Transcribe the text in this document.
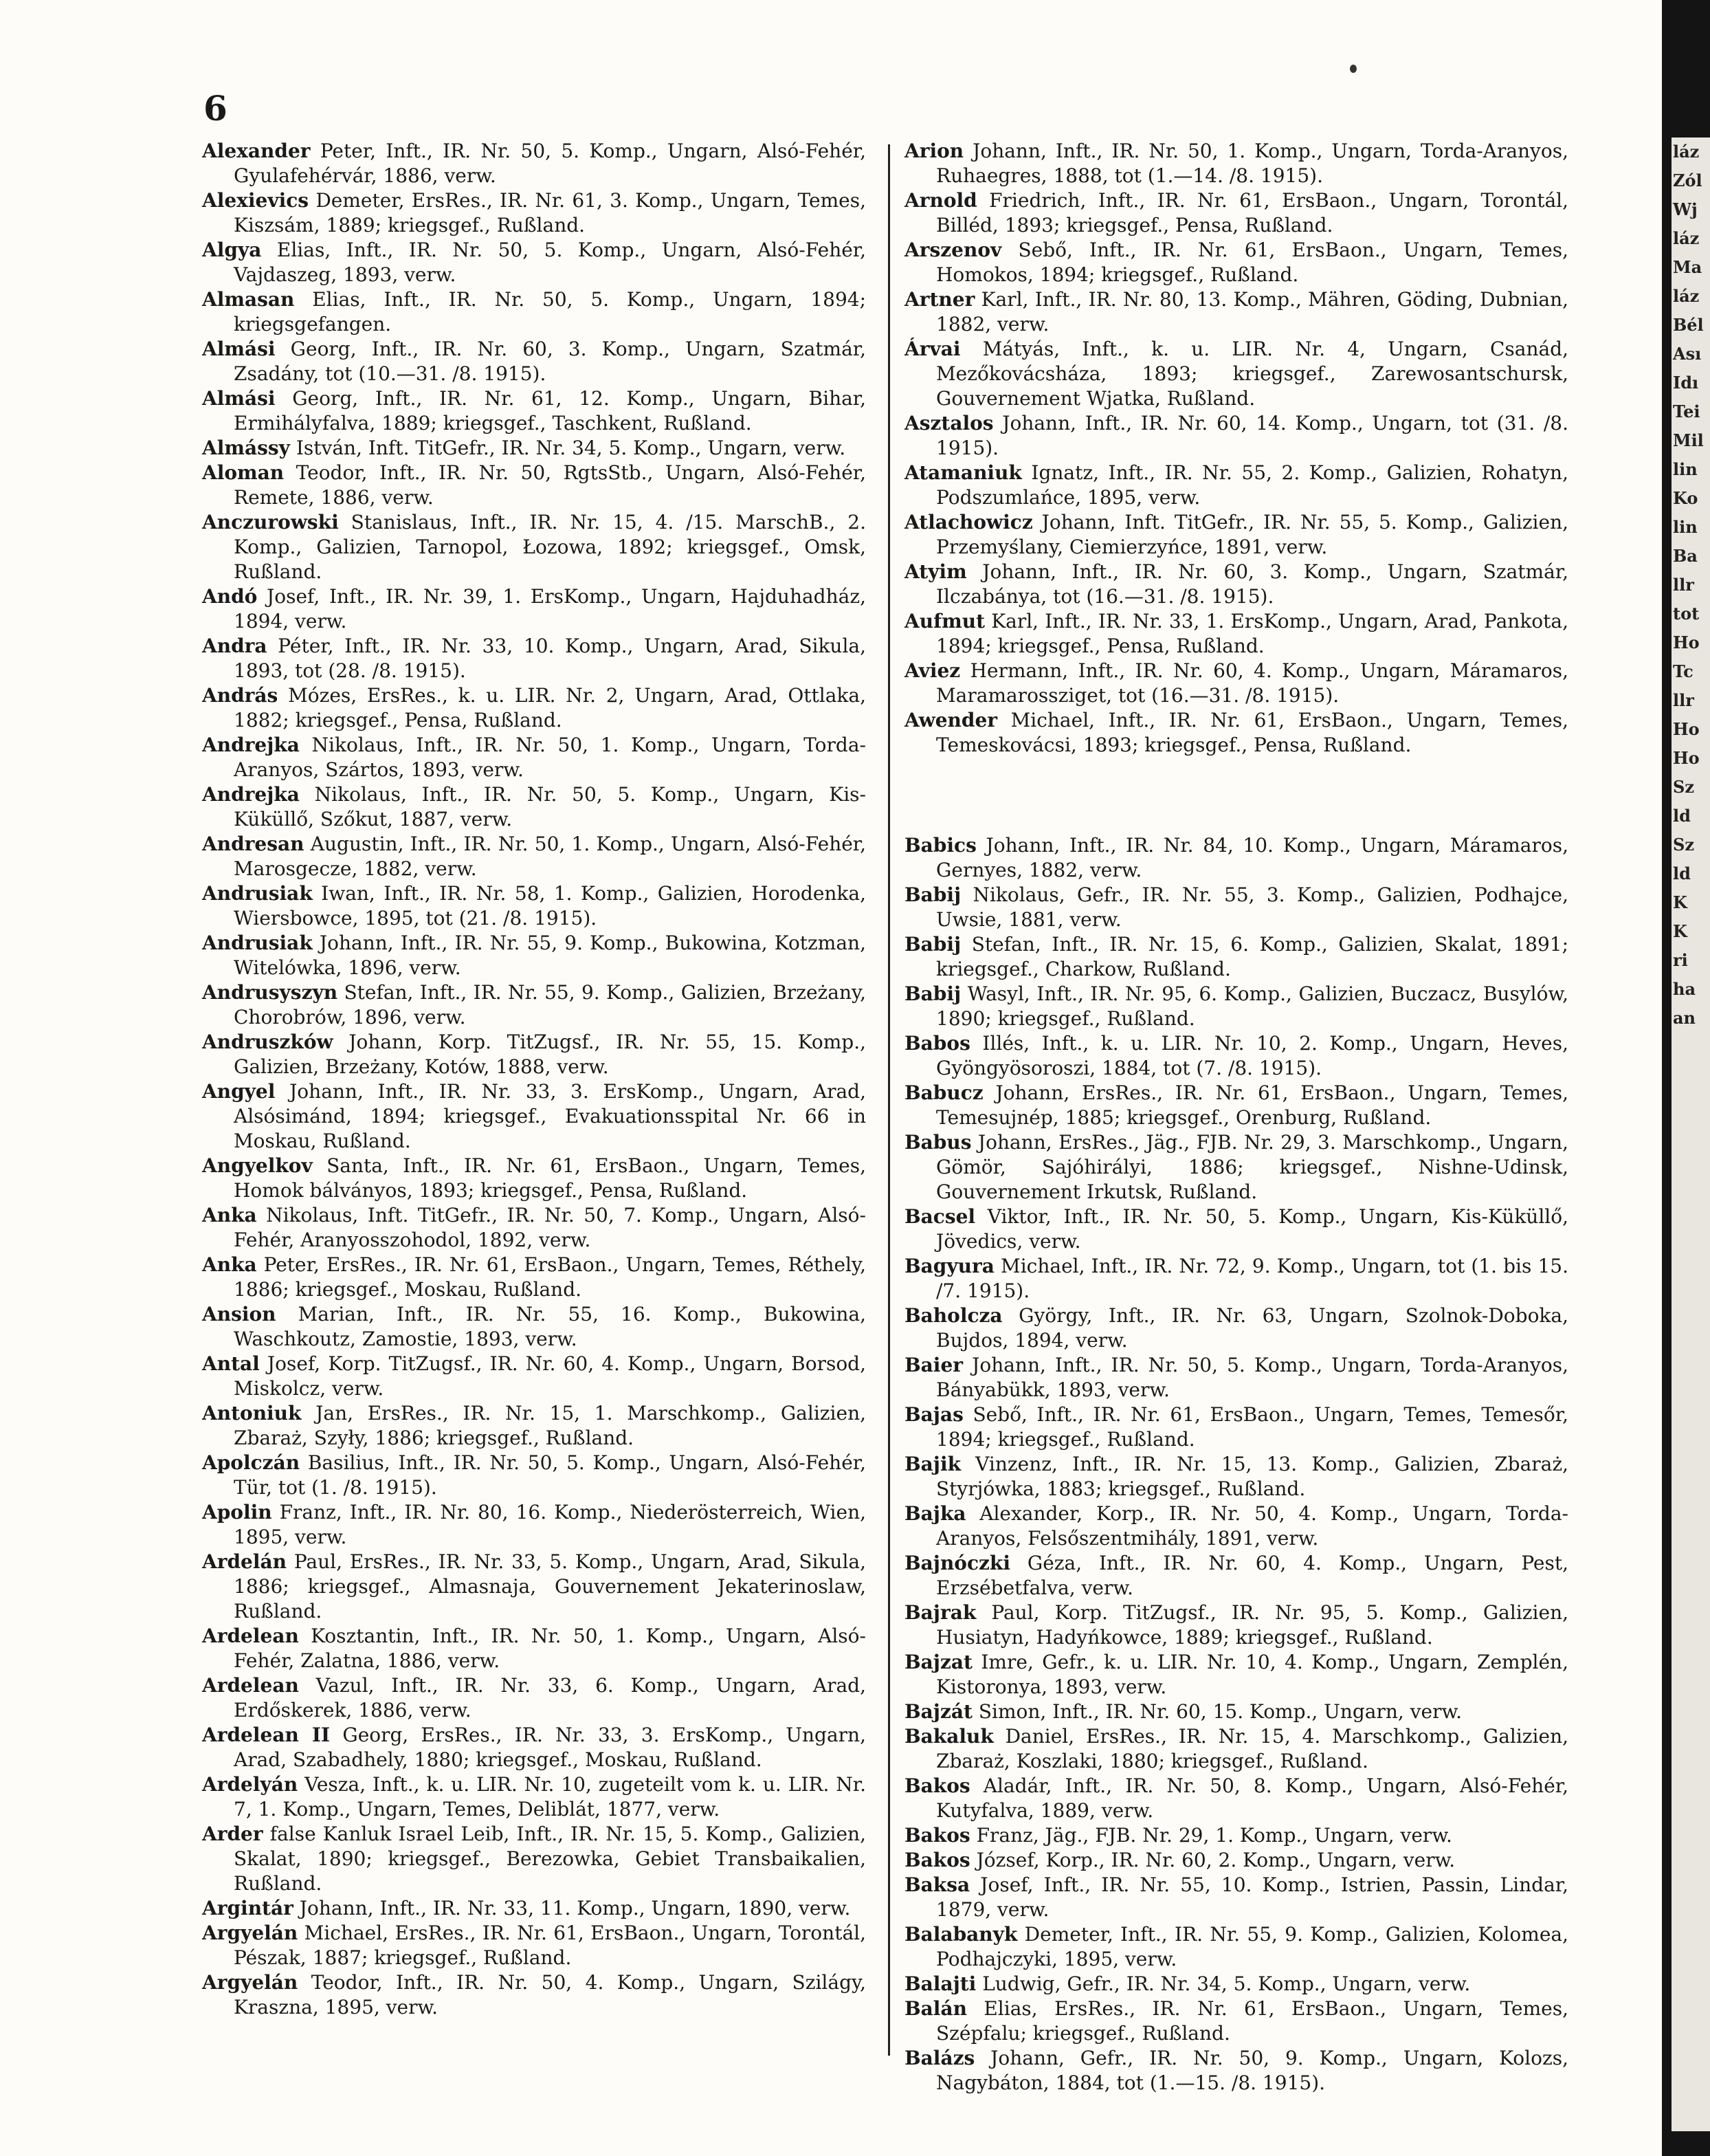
6

Alexander Peter, Inft., IR. Nr. 50, 5. Komp., Ungarn, Alsó-Fehér, Gyulafehérvár, 1886, verw.

Alexievics Demeter, ErsRes., IR. Nr. 61, 3. Komp., Ungarn, Temes, Kiszsám, 1889; kriegsgef., Rußland.

Algya Elias, Inft., IR. Nr. 50, 5. Komp., Ungarn, Alsó-Fehér, Vajdaszeg, 1893, verw.

Almasan Elias, Inft., IR. Nr. 50, 5. Komp., Ungarn, 1894; kriegsgefangen.

Almási Georg, Inft., IR. Nr. 60, 3. Komp., Ungarn, Szatmár, Zsadány, tot (10.—31. /8. 1915).

Almási Georg, Inft., IR. Nr. 61, 12. Komp., Ungarn, Bihar, Ermihályfalva, 1889; kriegsgef., Taschkent, Rußland.

Almássy István, Inft. TitGefr., IR. Nr. 34, 5. Komp., Ungarn, verw.

Aloman Teodor, Inft., IR. Nr. 50, RgtsStb., Ungarn, Alsó-Fehér, Remete, 1886, verw.

Anczurowski Stanislaus, Inft., IR. Nr. 15, 4. /15. MarschB., 2. Komp., Galizien, Tarnopol, Łozowa, 1892; kriegsgef., Omsk, Rußland.

Andó Josef, Inft., IR. Nr. 39, 1. ErsKomp., Ungarn, Hajduhadház, 1894, verw.

Andra Péter, Inft., IR. Nr. 33, 10. Komp., Ungarn, Arad, Sikula, 1893, tot (28. /8. 1915).

András Mózes, ErsRes., k. u. LIR. Nr. 2, Ungarn, Arad, Ottlaka, 1882; kriegsgef., Pensa, Rußland.

Andrejka Nikolaus, Inft., IR. Nr. 50, 1. Komp., Ungarn, Torda-Aranyos, Szártos, 1893, verw.

Andrejka Nikolaus, Inft., IR. Nr. 50, 5. Komp., Ungarn, Kis-Küküllő, Szőkut, 1887, verw.

Andresan Augustin, Inft., IR. Nr. 50, 1. Komp., Ungarn, Alsó-Fehér, Marosgecze, 1882, verw.

Andrusiak Iwan, Inft., IR. Nr. 58, 1. Komp., Galizien, Horodenka, Wiersbowce, 1895, tot (21. /8. 1915).

Andrusiak Johann, Inft., IR. Nr. 55, 9. Komp., Bukowina, Kotzman, Witelówka, 1896, verw.

Andrusyszyn Stefan, Inft., IR. Nr. 55, 9. Komp., Galizien, Brzeżany, Chorobrów, 1896, verw.

Andruszków Johann, Korp. TitZugsf., IR. Nr. 55, 15. Komp., Galizien, Brzeżany, Kotów, 1888, verw.

Angyel Johann, Inft., IR. Nr. 33, 3. ErsKomp., Ungarn, Arad, Alsósimánd, 1894; kriegsgef., Evakuationsspital Nr. 66 in Moskau, Rußland.

Angyelkov Santa, Inft., IR. Nr. 61, ErsBaon., Ungarn, Temes, Homok bálványos, 1893; kriegsgef., Pensa, Rußland.

Anka Nikolaus, Inft. TitGefr., IR. Nr. 50, 7. Komp., Ungarn, Alsó-Fehér, Aranyosszohodol, 1892, verw.

Anka Peter, ErsRes., IR. Nr. 61, ErsBaon., Ungarn, Temes, Réthely, 1886; kriegsgef., Moskau, Rußland.

Ansion Marian, Inft., IR. Nr. 55, 16. Komp., Bukowina, Waschkoutz, Zamostie, 1893, verw.

Antal Josef, Korp. TitZugsf., IR. Nr. 60, 4. Komp., Ungarn, Borsod, Miskolcz, verw.

Antoniuk Jan, ErsRes., IR. Nr. 15, 1. Marschkomp., Galizien, Zbaraż, Szyły, 1886; kriegsgef., Rußland.

Apolczán Basilius, Inft., IR. Nr. 50, 5. Komp., Ungarn, Alsó-Fehér, Tür, tot (1. /8. 1915).

Apolin Franz, Inft., IR. Nr. 80, 16. Komp., Niederösterreich, Wien, 1895, verw.

Ardelán Paul, ErsRes., IR. Nr. 33, 5. Komp., Ungarn, Arad, Sikula, 1886; kriegsgef., Almasnaja, Gouvernement Jekaterinoslaw, Rußland.

Ardelean Kosztantin, Inft., IR. Nr. 50, 1. Komp., Ungarn, Alsó-Fehér, Zalatna, 1886, verw.

Ardelean Vazul, Inft., IR. Nr. 33, 6. Komp., Ungarn, Arad, Erdőskerek, 1886, verw.

Ardelean II Georg, ErsRes., IR. Nr. 33, 3. ErsKomp., Ungarn, Arad, Szabadhely, 1880; kriegsgef., Moskau, Rußland.

Ardelyán Vesza, Inft., k. u. LIR. Nr. 10, zugeteilt vom k. u. LIR. Nr. 7, 1. Komp., Ungarn, Temes, Deliblát, 1877, verw.

Arder false Kanluk Israel Leib, Inft., IR. Nr. 15, 5. Komp., Galizien, Skalat, 1890; kriegsgef., Berezowka, Gebiet Transbaikalien, Rußland.

Argintár Johann, Inft., IR. Nr. 33, 11. Komp., Ungarn, 1890, verw.

Argyelán Michael, ErsRes., IR. Nr. 61, ErsBaon., Ungarn, Torontál, Pészak, 1887; kriegsgef., Rußland.

Argyelán Teodor, Inft., IR. Nr. 50, 4. Komp., Ungarn, Szilágy, Kraszna, 1895, verw.

Arion Johann, Inft., IR. Nr. 50, 1. Komp., Ungarn, Torda-Aranyos, Ruhaegres, 1888, tot (1.—14. /8. 1915).

Arnold Friedrich, Inft., IR. Nr. 61, ErsBaon., Ungarn, Torontál, Billéd, 1893; kriegsgef., Pensa, Rußland.

Arszenov Sebő, Inft., IR. Nr. 61, ErsBaon., Ungarn, Temes, Homokos, 1894; kriegsgef., Rußland.

Artner Karl, Inft., IR. Nr. 80, 13. Komp., Mähren, Göding, Dubnian, 1882, verw.

Árvai Mátyás, Inft., k. u. LIR. Nr. 4, Ungarn, Csanád, Mezőkovácsháza, 1893; kriegsgef., Zarewosantschursk, Gouvernement Wjatka, Rußland.

Asztalos Johann, Inft., IR. Nr. 60, 14. Komp., Ungarn, tot (31. /8. 1915).

Atamaniuk Ignatz, Inft., IR. Nr. 55, 2. Komp., Galizien, Rohatyn, Podszumlańce, 1895, verw.

Atlachowicz Johann, Inft. TitGefr., IR. Nr. 55, 5. Komp., Galizien, Przemyślany, Ciemierzyńce, 1891, verw.

Atyim Johann, Inft., IR. Nr. 60, 3. Komp., Ungarn, Szatmár, Ilczabánya, tot (16.—31. /8. 1915).

Aufmut Karl, Inft., IR. Nr. 33, 1. ErsKomp., Ungarn, Arad, Pankota, 1894; kriegsgef., Pensa, Rußland.

Aviez Hermann, Inft., IR. Nr. 60, 4. Komp., Ungarn, Máramaros, Maramarossziget, tot (16.—31. /8. 1915).

Awender Michael, Inft., IR. Nr. 61, ErsBaon., Ungarn, Temes, Temeskovácsi, 1893; kriegsgef., Pensa, Rußland.

Babics Johann, Inft., IR. Nr. 84, 10. Komp., Ungarn, Máramaros, Gernyes, 1882, verw.

Babij Nikolaus, Gefr., IR. Nr. 55, 3. Komp., Galizien, Podhajce, Uwsie, 1881, verw.

Babij Stefan, Inft., IR. Nr. 15, 6. Komp., Galizien, Skalat, 1891; kriegsgef., Charkow, Rußland.

Babij Wasyl, Inft., IR. Nr. 95, 6. Komp., Galizien, Buczacz, Busylów, 1890; kriegsgef., Rußland.

Babos Illés, Inft., k. u. LIR. Nr. 10, 2. Komp., Ungarn, Heves, Gyöngyösoroszi, 1884, tot (7. /8. 1915).

Babucz Johann, ErsRes., IR. Nr. 61, ErsBaon., Ungarn, Temes, Temesujnép, 1885; kriegsgef., Orenburg, Rußland.

Babus Johann, ErsRes., Jäg., FJB. Nr. 29, 3. Marschkomp., Ungarn, Gömör, Sajóhirályi, 1886; kriegsgef., Nishne-Udinsk, Gouvernement Irkutsk, Rußland.

Bacsel Viktor, Inft., IR. Nr. 50, 5. Komp., Ungarn, Kis-Küküllő, Jövedics, verw.

Bagyura Michael, Inft., IR. Nr. 72, 9. Komp., Ungarn, tot (1. bis 15. /7. 1915).

Baholcza György, Inft., IR. Nr. 63, Ungarn, Szolnok-Doboka, Bujdos, 1894, verw.

Baier Johann, Inft., IR. Nr. 50, 5. Komp., Ungarn, Torda-Aranyos, Bányabükk, 1893, verw.

Bajas Sebő, Inft., IR. Nr. 61, ErsBaon., Ungarn, Temes, Temesőr, 1894; kriegsgef., Rußland.

Bajik Vinzenz, Inft., IR. Nr. 15, 13. Komp., Galizien, Zbaraż, Styrjówka, 1883; kriegsgef., Rußland.

Bajka Alexander, Korp., IR. Nr. 50, 4. Komp., Ungarn, Torda-Aranyos, Felsőszentmihály, 1891, verw.

Bajnóczki Géza, Inft., IR. Nr. 60, 4. Komp., Ungarn, Pest, Erzsébetfalva, verw.

Bajrak Paul, Korp. TitZugsf., IR. Nr. 95, 5. Komp., Galizien, Husiatyn, Hadyńkowce, 1889; kriegsgef., Rußland.

Bajzat Imre, Gefr., k. u. LIR. Nr. 10, 4. Komp., Ungarn, Zemplén, Kistoronya, 1893, verw.

Bajzát Simon, Inft., IR. Nr. 60, 15. Komp., Ungarn, verw.

Bakaluk Daniel, ErsRes., IR. Nr. 15, 4. Marschkomp., Galizien, Zbaraż, Koszlaki, 1880; kriegsgef., Rußland.

Bakos Aladár, Inft., IR. Nr. 50, 8. Komp., Ungarn, Alsó-Fehér, Kutyfalva, 1889, verw.

Bakos Franz, Jäg., FJB. Nr. 29, 1. Komp., Ungarn, verw.

Bakos József, Korp., IR. Nr. 60, 2. Komp., Ungarn, verw.

Baksa Josef, Inft., IR. Nr. 55, 10. Komp., Istrien, Passin, Lindar, 1879, verw.

Balabanyk Demeter, Inft., IR. Nr. 55, 9. Komp., Galizien, Kolomea, Podhajczyki, 1895, verw.

Balajti Ludwig, Gefr., IR. Nr. 34, 5. Komp., Ungarn, verw.

Balán Elias, ErsRes., IR. Nr. 61, ErsBaon., Ungarn, Temes, Szépfalu; kriegsgef., Rußland.

Balázs Johann, Gefr., IR. Nr. 50, 9. Komp., Ungarn, Kolozs, Nagybáton, 1884, tot (1.—15. /8. 1915).

láz
Zól
Wj
láz
Ma
láz
Bél
Ası
Idı
Tei
Mil
lin
Ko
lin
Ba
llr
tot
Ho
Tc
llr
Ho
Ho
Sz
ld
Sz
ld
K
K
ri
ha
an
